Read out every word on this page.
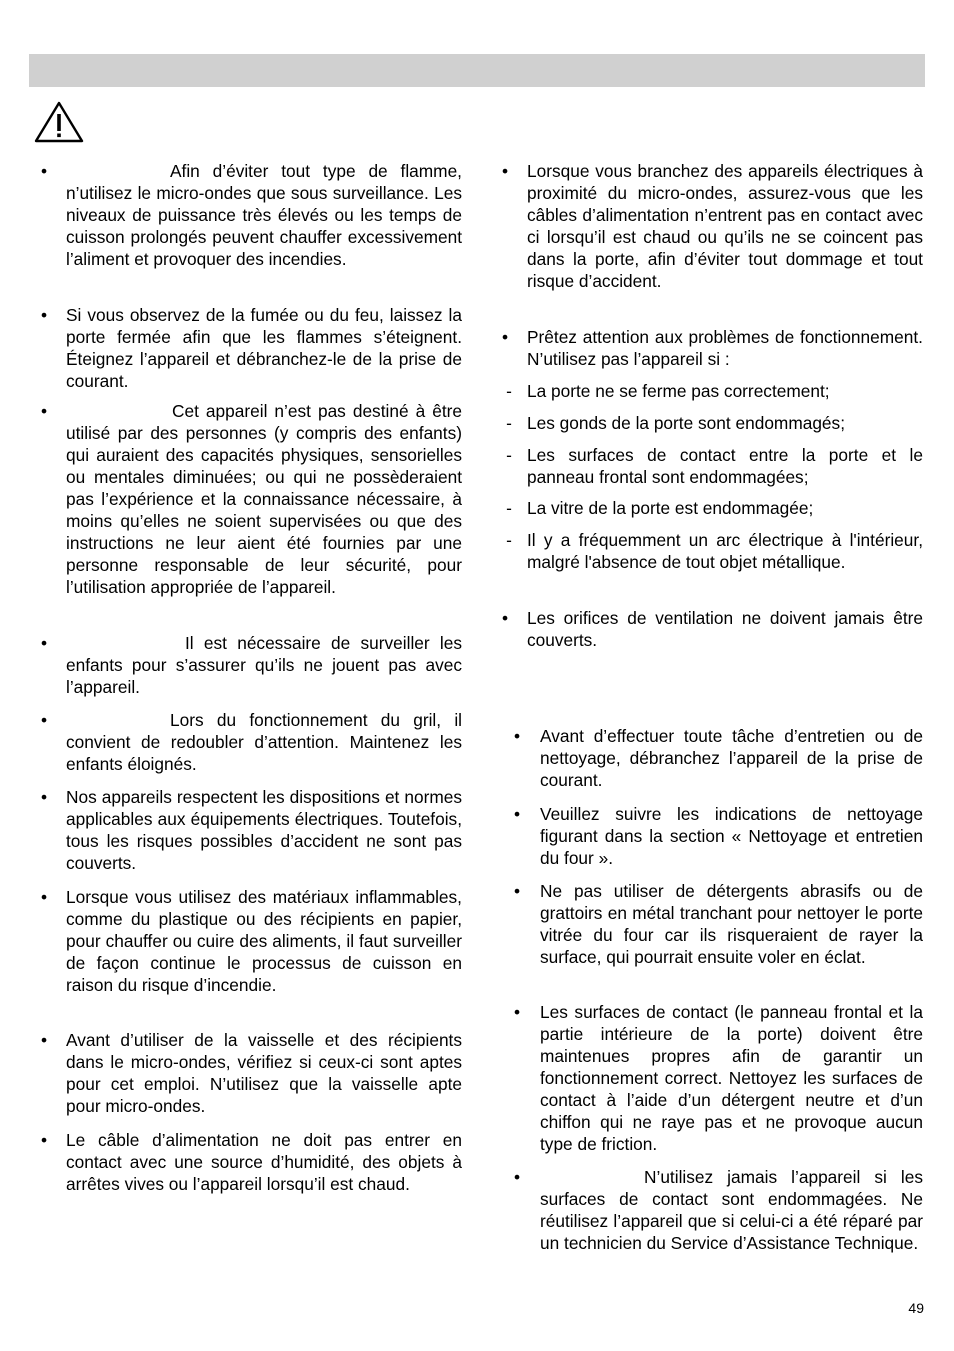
•	Afin d’éviter tout type de flamme, n’utilisez le micro-ondes que sous surveillance. Les niveaux de puissance très élevés ou les temps de cuisson prolongés peuvent chauffer excessivement l’aliment et provoquer des incendies.
•	Si vous observez de la fumée ou du feu, laissez la porte fermée afin que les flammes s’éteignent. Éteignez l’appareil et débranchez-le de la prise de courant.
•	Cet appareil n’est pas destiné à être utilisé par des personnes (y compris des enfants) qui auraient des capacités physiques, sensorielles ou mentales diminuées; ou qui ne possèderaient pas l’expérience et la connaissance nécessaire, à moins qu’elles ne soient supervisées ou que des instructions ne leur aient été fournies par une personne responsable de leur sécurité, pour l’utilisation appropriée de l’appareil.
•	Il est nécessaire de surveiller les enfants pour s’assurer qu’ils ne jouent pas avec l’appareil.
•	Lors du fonctionnement du gril, il convient de redoubler d’attention. Maintenez les enfants éloignés.
•	Nos appareils respectent les dispositions et normes applicables aux équipements électriques. Toutefois, tous les risques possibles d’accident ne sont pas couverts.
•	Lorsque vous utilisez des matériaux inflammables, comme du plastique ou des récipients en papier, pour chauffer ou cuire des aliments, il faut surveiller de façon continue le processus de cuisson en raison du risque d’incendie.
•	Avant d’utiliser de la vaisselle et des récipients dans le micro-ondes, vérifiez si ceux-ci sont aptes pour cet emploi. N’utilisez que la vaisselle apte pour micro-ondes.
•	Le câble d’alimentation ne doit pas entrer en contact avec une source d’humidité, des objets à arrêtes vives ou l’appareil lorsqu’il est chaud.
•	Lorsque vous branchez des appareils électriques à proximité du micro-ondes, assurez-vous que les câbles d’alimentation n’entrent pas en contact avec ci lorsqu’il est chaud ou qu’ils ne se coincent pas dans la porte, afin d’éviter tout dommage et tout risque d’accident.
•	Prêtez attention aux problèmes de fonctionnement. N’utilisez pas l’appareil si :
- La porte ne se ferme pas correctement;
- Les gonds de la porte sont endommagés;
- Les surfaces de contact entre la porte et le panneau frontal sont endommagées;
- La vitre de la porte est endommagée;
- Il y a fréquemment un arc électrique à l'intérieur, malgré l'absence de tout objet métallique.
•	Les orifices de ventilation ne doivent jamais être couverts.
•	Avant d’effectuer toute tâche d’entretien ou de nettoyage, débranchez l’appareil de la prise de courant.
•	Veuillez suivre les indications de nettoyage figurant dans la section « Nettoyage et entretien du four ».
•	Ne pas utiliser de détergents abrasifs ou de grattoirs en métal tranchant pour nettoyer le porte vitrée du four car ils risqueraient de rayer la surface, qui pourrait ensuite voler en éclat.
•	Les surfaces de contact (le panneau frontal et la partie intérieure de la porte) doivent être maintenues propres afin de garantir un fonctionnement correct. Nettoyez les surfaces de contact à l’aide d’un détergent neutre et d’un chiffon qui ne raye pas et ne provoque aucun type de friction.
•	N’utilisez jamais l’appareil si les surfaces de contact sont endommagées. Ne réutilisez l’appareil que si celui-ci a été réparé par un technicien du Service d’Assistance Technique.
49
